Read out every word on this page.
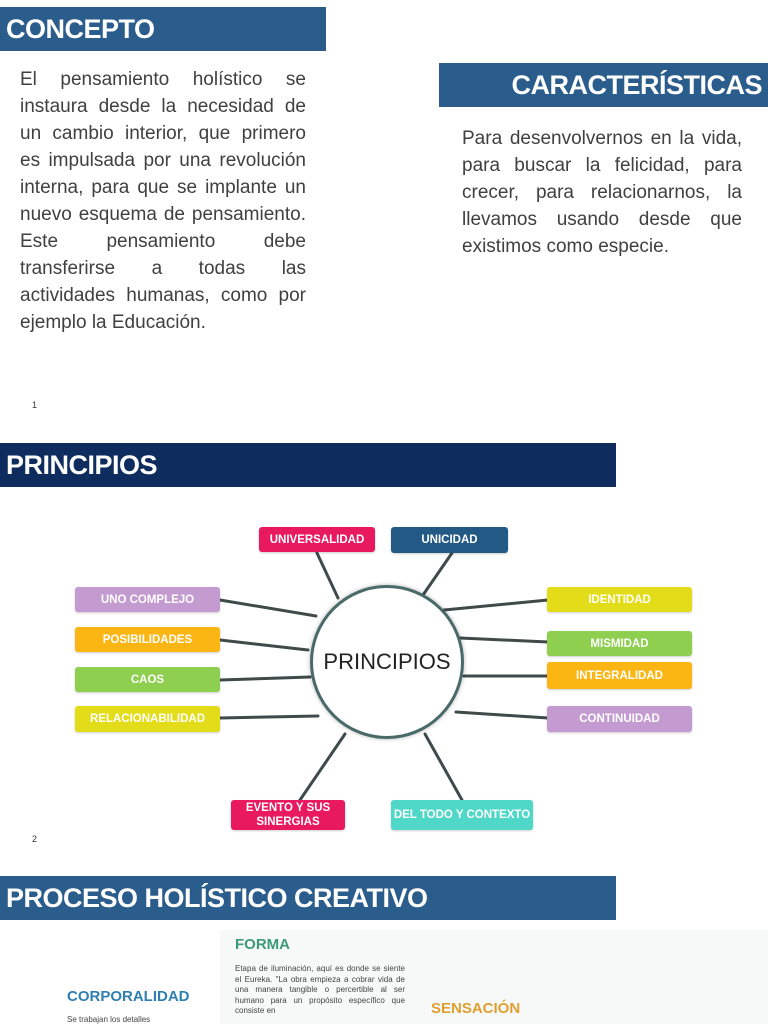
CONCEPTO

El pensamiento holístico se instaura desde la necesidad de un cambio interior, que primero es impulsada por una revolución interna, para que se implante un nuevo esquema de pensamiento. Este pensamiento debe transferirse a todas las actividades humanas, como por ejemplo la Educación.

CARACTERÍSTICAS

Para desenvolvernos en la vida, para buscar la felicidad, para crecer, para relacionarnos, la llevamos usando desde que existimos como especie.

1
PRINCIPIOS
PRINCIPIOS
UNIVERSALIDAD	UNICIDAD
UNO COMPLEJO	IDENTIDAD
POSIBILIDADES	MISMIDAD
CAOS	INTEGRALIDAD
RELACIONABILIDAD	CONTINUIDAD
EVENTO Y SUS SINERGIAS
DEL TODO Y CONTEXTO
2
PROCESO HOLÍSTICO CREATIVO
FORMA

Etapa de iluminación, aquí es donde se siente el Eureka. "La obra empieza a cobrar vida de una manera tangible o percertible al ser humano para un propósito específico que consiste en

CORPORALIDAD

Se trabajan los detalles

SENSACIÓN
